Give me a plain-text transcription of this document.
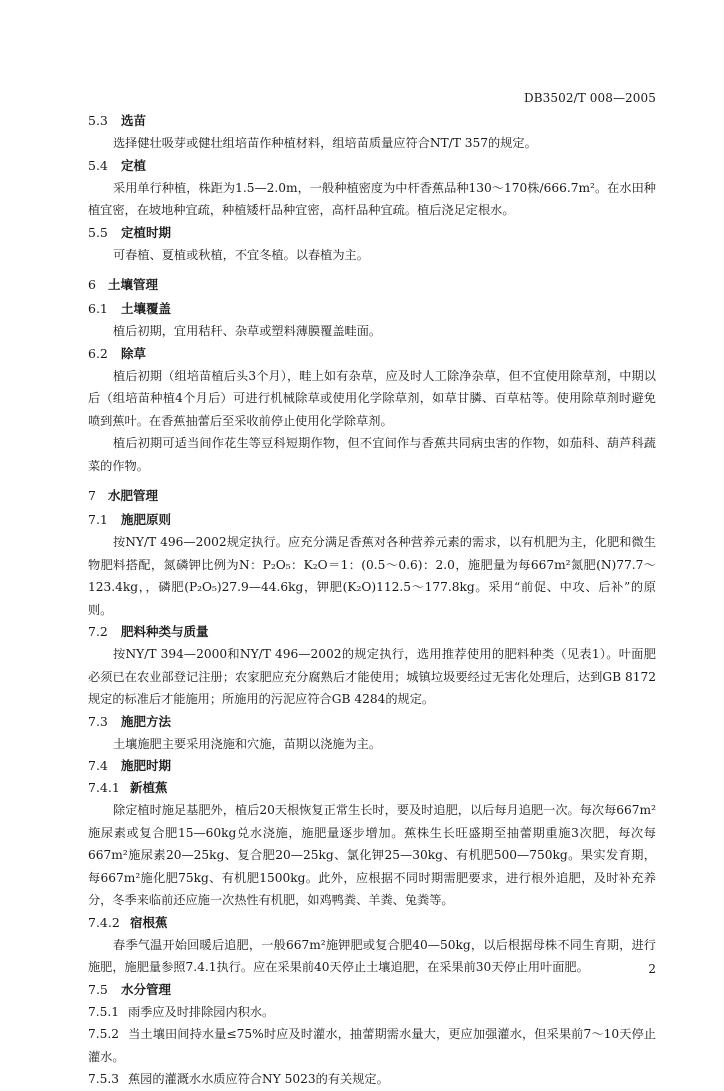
DB3502/T 008—2005
5.3 选苗

选择健壮吸芽或健壮组培苗作种植材料，组培苗质量应符合NT/T 357的规定。

5.4 定植

采用单行种植，株距为1.5—2.0m，一般种植密度为中杆香蕉品种130～170株/666.7m²。在水田种植宜密，在坡地种宜疏，种植矮杆品种宜密，高杆品种宜疏。植后浇足定根水。

5.5 定植时期

可春植、夏植或秋植，不宜冬植。以春植为主。

6 土壤管理
6.1 土壤覆盖

植后初期，宜用秸秆、杂草或塑料薄膜覆盖畦面。

6.2 除草

植后初期（组培苗植后头3个月），畦上如有杂草，应及时人工除净杂草，但不宜使用除草剂，中期以后（组培苗种植4个月后）可进行机械除草或使用化学除草剂，如草甘膦、百草枯等。使用除草剂时避免喷到蕉叶。在香蕉抽蕾后至采收前停止使用化学除草剂。

植后初期可适当间作花生等豆科短期作物，但不宜间作与香蕉共同病虫害的作物，如茄科、葫芦科蔬菜的作物。

7 水肥管理
7.1 施肥原则

按NY/T 496—2002规定执行。应充分满足香蕉对各种营养元素的需求，以有机肥为主，化肥和微生物肥料搭配，氮磷钾比例为N：P₂O₅：K₂O＝1：(0.5～0.6)：2.0，施肥量为每667m²氮肥(N)77.7～123.4kg，，磷肥(P₂O₅)27.9—44.6kg，钾肥(K₂O)112.5～177.8kg。采用“前促、中攻、后补”的原则。

7.2 肥料种类与质量

按NY/T 394—2000和NY/T 496—2002的规定执行，选用推荐使用的肥料种类（见表1）。叶面肥必须已在农业部登记注册；农家肥应充分腐熟后才能使用；城镇垃圾要经过无害化处理后，达到GB 8172规定的标准后才能施用；所施用的污泥应符合GB 4284的规定。

7.3 施肥方法

土壤施肥主要采用浇施和穴施，苗期以浇施为主。

7.4 施肥时期
7.4.1 新植蕉

除定植时施足基肥外，植后20天根恢复正常生长时，要及时追肥，以后每月追肥一次。每次每667m²施尿素或复合肥15—60kg兑水浇施，施肥量逐步增加。蕉株生长旺盛期至抽蕾期重施3次肥，每次每667m²施尿素20—25kg、复合肥20—25kg、氯化钾25—30kg、有机肥500—750kg。果实发育期，每667m²施化肥75kg、有机肥1500kg。此外，应根据不同时期需肥要求，进行根外追肥，及时补充养分，冬季来临前还应施一次热性有机肥，如鸡鸭粪、羊粪、兔粪等。

7.4.2 宿根蕉

春季气温开始回暖后追肥，一般667m²施钾肥或复合肥40—50kg，以后根据母株不同生育期，进行施肥，施肥量参照7.4.1执行。应在采果前40天停止土壤追肥，在采果前30天停止用叶面肥。

7.5 水分管理

7.5.1 雨季应及时排除园内积水。

7.5.2 当土壤田间持水量≤75%时应及时灌水，抽蕾期需水量大，更应加强灌水，但采果前7～10天停止灌水。

7.5.3 蕉园的灌溉水水质应符合NY 5023的有关规定。

2
